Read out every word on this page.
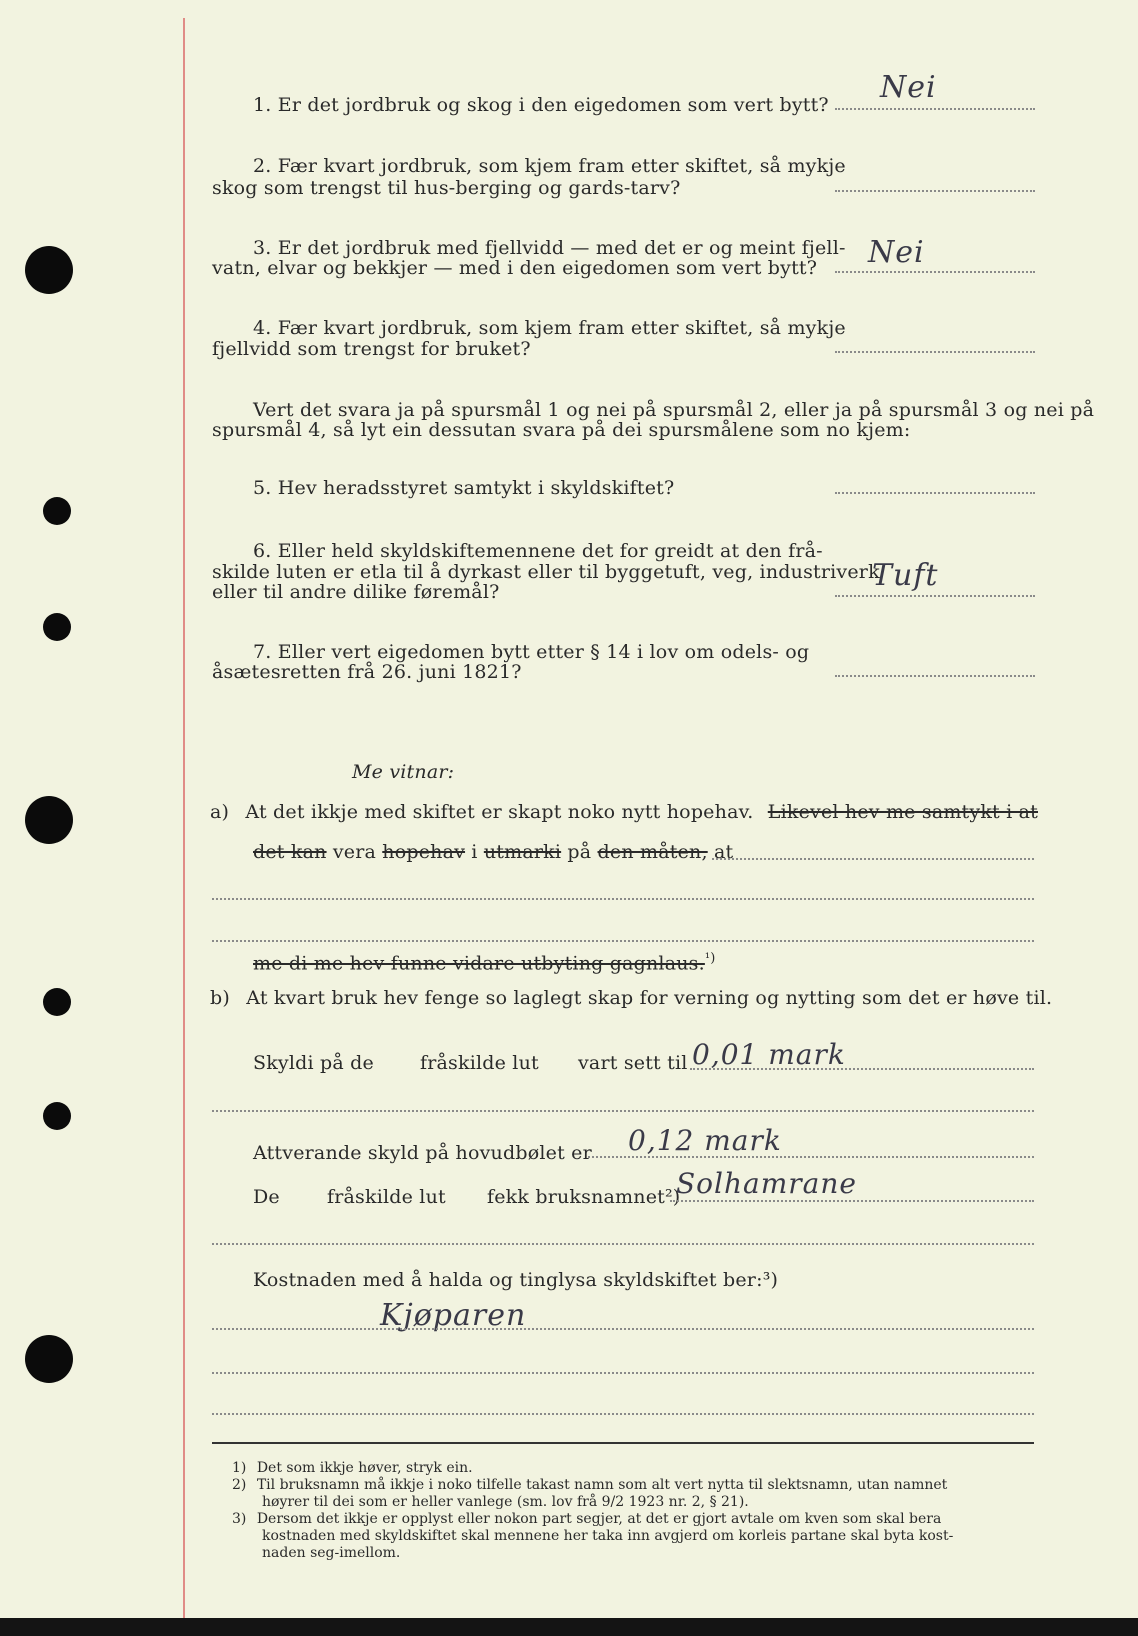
1. Er det jordbruk og skog i den eigedomen som vert bytt? Nei
2. Fær kvart jordbruk, som kjem fram etter skiftet, så mykje
skog som trengst til hus-berging og gards-tarv?
3. Er det jordbruk med fjellvidd — med det er og meint fjell-
vatn, elvar og bekkjer — med i den eigedomen som vert bytt? Nei
4. Fær kvart jordbruk, som kjem fram etter skiftet, så mykje
fjellvidd som trengst for bruket?
Vert det svara ja på spursmål 1 og nei på spursmål 2, eller ja på spursmål 3 og nei på
spursmål 4, så lyt ein dessutan svara på dei spursmålene som no kjem:
5. Hev heradsstyret samtykt i skyldskiftet?
6. Eller held skyldskiftemennene det for greidt at den frå-
skilde luten er etla til å dyrkast eller til byggetuft, veg, industriverk
eller til andre dilike føremål?	Tuft
7. Eller vert eigedomen bytt etter § 14 i lov om odels- og
åsætesretten frå 26. juni 1821?
Me vitnar:
a) At det ikkje med skiftet er skapt noko nytt hopehav. Likevel hev me samtykt i at
det kan vera hopehav i utmarki på den måten, at
me di me hev funne vidare utbyting gagnlaus.$^{^1)}$
b) At kvart bruk hev fenge so laglegt skap for verning og nytting som det er høve til.
Skyldi på de fråskilde lut vart sett til 0,01 mark
Attverande skyld på hovudbølet er 0,12 mark
De fråskilde lut fekk bruksnamnet²)
Solhamrane
Kostnaden med å halda og tinglysa skyldskiftet ber:³)
Kjøparen
1) Det som ikkje høver, stryk ein.
2) Til bruksnamn må ikkje i noko tilfelle takast namn som alt vert nytta til slektsnamn, utan namnet
høyrer til dei som er heller vanlege (sm. lov frå 9/2 1923 nr. 2, § 21).
3) Dersom det ikkje er opplyst eller nokon part segjer, at det er gjort avtale om kven som skal bera
kostnaden med skyldskiftet skal mennene her taka inn avgjerd om korleis partane skal byta kost-
naden seg-imellom.
